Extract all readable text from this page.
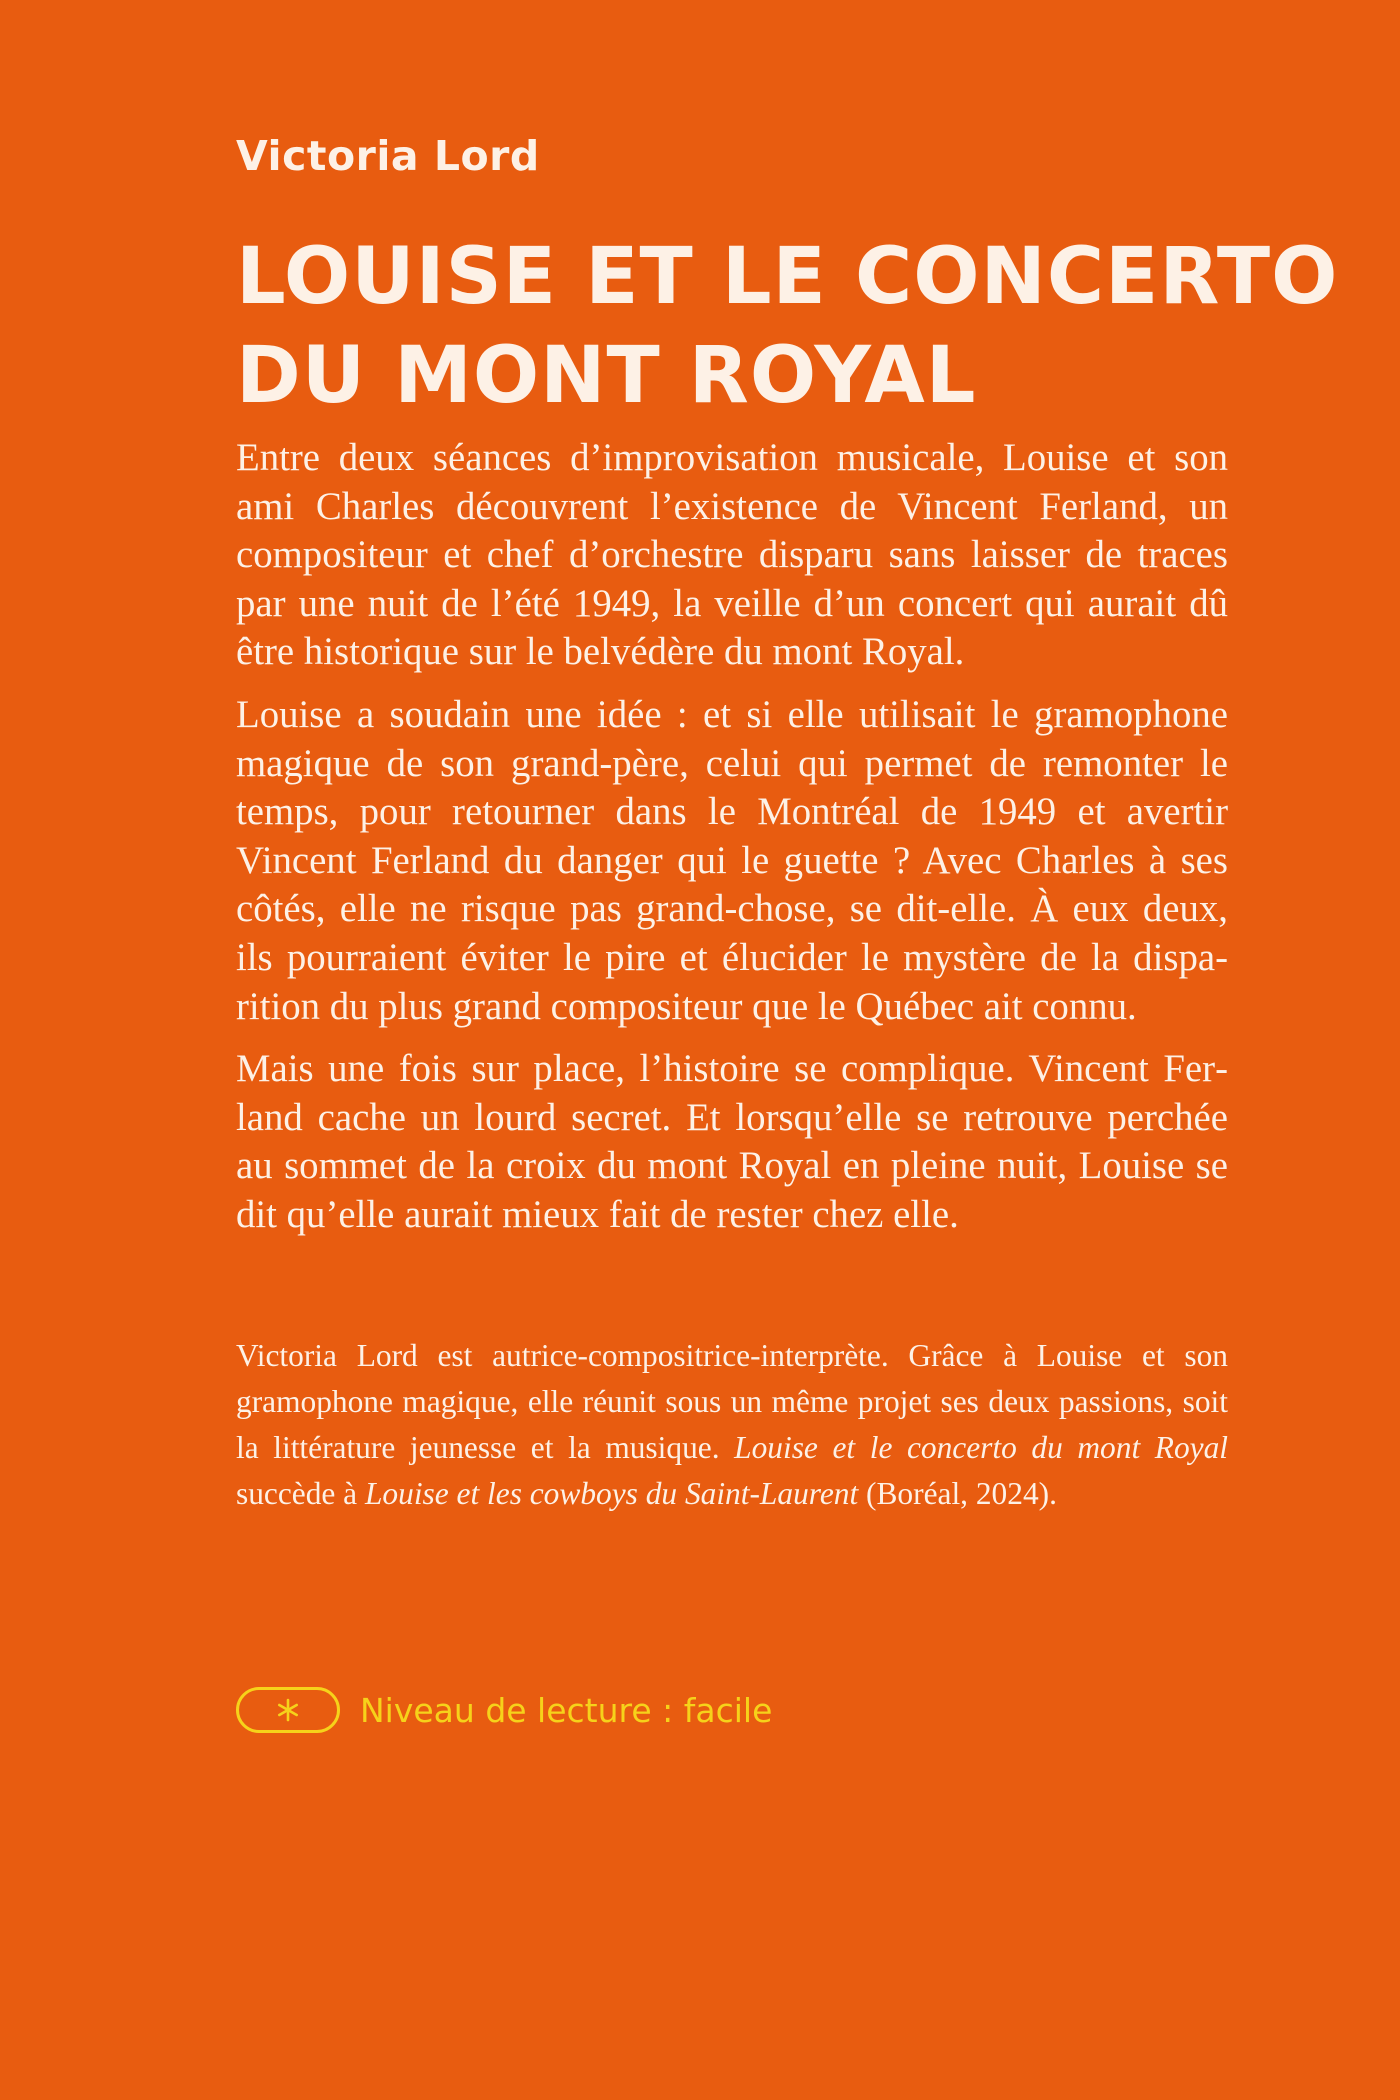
Victoria Lord
LOUISE ET LE CONCERTO
DU MONT ROYAL

Entre deux séances d’improvisation musicale, Louise et son ami Charles découvrent l’existence de Vincent Ferland, un compositeur et chef d’orchestre disparu sans laisser de traces par une nuit de l’été 1949, la veille d’un concert qui aurait dû être historique sur le belvédère du mont Royal.

Louise a soudain une idée : et si elle utilisait le gramophone magique de son grand-père, celui qui permet de remonter le temps, pour retourner dans le Montréal de 1949 et avertir Vincent Ferland du danger qui le guette ? Avec Charles à ses côtés, elle ne risque pas grand-chose, se dit-elle. À eux deux, ils pourraient éviter le pire et élucider le mystère de la disparition du plus grand compositeur que le Québec ait connu.

Mais une fois sur place, l’histoire se complique. Vincent Ferland cache un lourd secret. Et lorsqu’elle se retrouve perchée au sommet de la croix du mont Royal en pleine nuit, Louise se dit qu’elle aurait mieux fait de rester chez elle.

Victoria Lord est autrice-compositrice-interprète. Grâce à Louise et son gramophone magique, elle réunit sous un même projet ses deux passions, soit la littérature jeunesse et la musique. Louise et le concerto du mont Royal succède à Louise et les cowboys du Saint-Laurent (Boréal, 2024).

Niveau de lecture : facile
